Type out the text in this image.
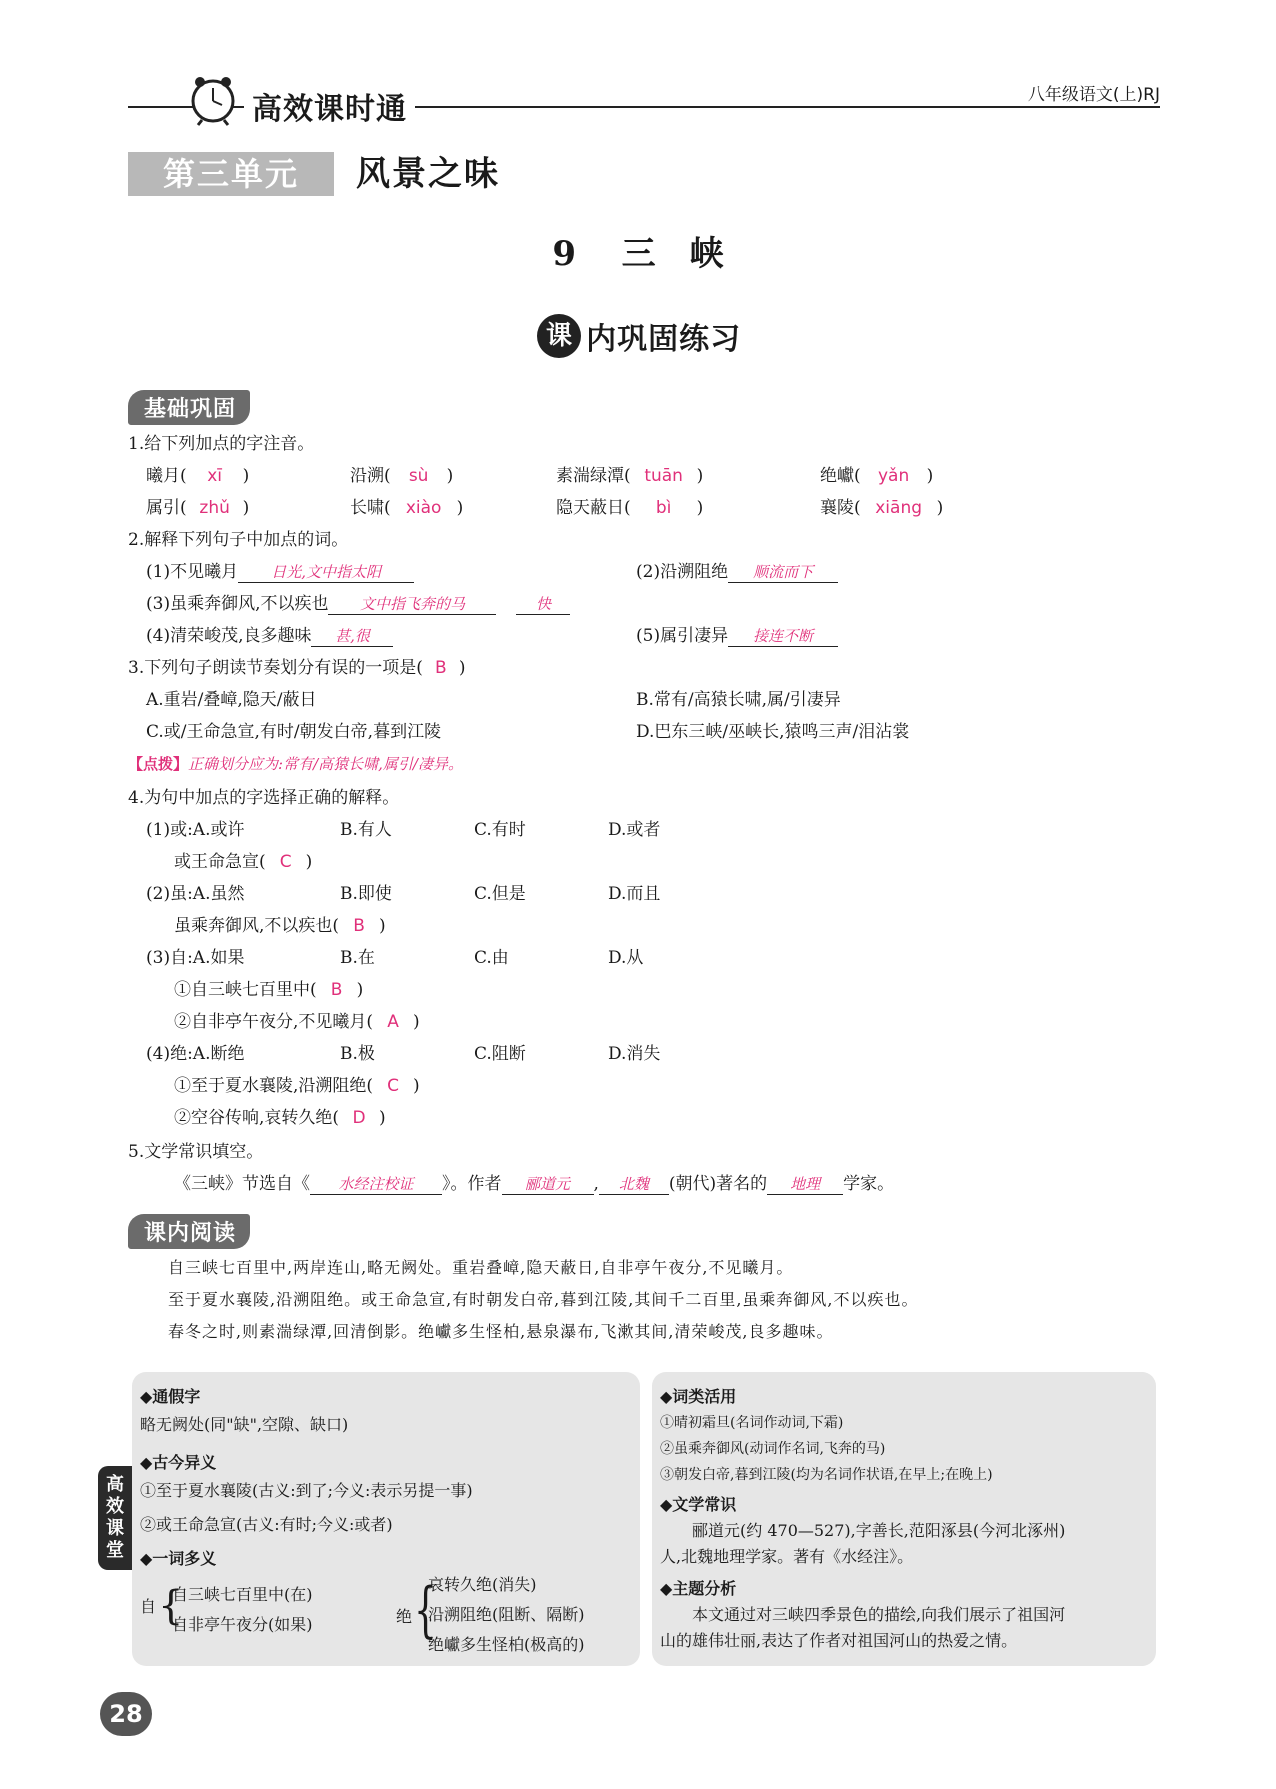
高效课时通	八年级语文(上)RJ
第三单元	风景之味
9 三　峡
课 内巩固练习
基础巩固
1.给下列加点的字注音。
曦月( xī )	沿溯( sù )	素湍绿潭( tuān )	绝巘( yǎn )
属引( zhǔ )	长啸( xiào )	隐天蔽日( bì )	襄陵( xiāng )
2.解释下列句子中加点的词。
(1)不见曦月 日光,文中指太阳	(2)沿溯阻绝 顺流而下
(3)虽乘奔御风,不以疾也 文中指飞奔的马	快
(4)清荣峻茂,良多趣味 甚,很	(5)属引凄异 接连不断
3.下列句子朗读节奏划分有误的一项是( B )
A.重岩/叠嶂,隐天/蔽日	B.常有/高猿长啸,属/引凄异
C.或/王命急宣,有时/朝发白帝,暮到江陵	D.巴东三峡/巫峡长,猿鸣三声/泪沾裳
【点拨】正确划分应为:常有/高猿长啸,属引/凄异。
4.为句中加点的字选择正确的解释。
(1)或:A.或许	B.有人	C.有时	D.或者
或王命急宣( C )
(2)虽:A.虽然	B.即使	C.但是	D.而且
虽乘奔御风,不以疾也( B )
(3)自:A.如果	B.在	C.由	D.从
①自三峡七百里中( B )
②自非亭午夜分,不见曦月( A )
(4)绝:A.断绝	B.极	C.阻断	D.消失
①至于夏水襄陵,沿溯阻绝( C )
②空谷传响,哀转久绝( D )
5.文学常识填空。
《三峡》节选自《 水经注校证 》。作者 郦道元 , 北魏 (朝代)著名的 地理 学家。
课内阅读
自三峡七百里中,两岸连山,略无阙处。重岩叠嶂,隐天蔽日,自非亭午夜分,不见曦月。
至于夏水襄陵,沿溯阻绝。或王命急宣,有时朝发白帝,暮到江陵,其间千二百里,虽乘奔御风,不以疾也。
春冬之时,则素湍绿潭,回清倒影。绝巘多生怪柏,悬泉瀑布,飞漱其间,清荣峻茂,良多趣味。
◆通假字
略无阙处(同"缺",空隙、缺口)
◆古今异义
①至于夏水襄陵(古义:到了;今义:表示另提一事)
②或王命急宣(古义:有时;今义:或者)
◆一词多义
自 {
自三峡七百里中(在)
自非亭午夜分(如果)	绝 {
哀转久绝(消失)
沿溯阻绝(阻断、隔断)
绝巘多生怪柏(极高的)
◆词类活用
①晴初霜旦(名词作动词,下霜)
②虽乘奔御风(动词作名词,飞奔的马)
③朝发白帝,暮到江陵(均为名词作状语,在早上;在晚上)
◆文学常识
郦道元(约 470—527),字善长,范阳涿县(今河北涿州)
人,北魏地理学家。著有《水经注》。
◆主题分析
本文通过对三峡四季景色的描绘,向我们展示了祖国河
山的雄伟壮丽,表达了作者对祖国河山的热爱之情。
高效课堂
28
